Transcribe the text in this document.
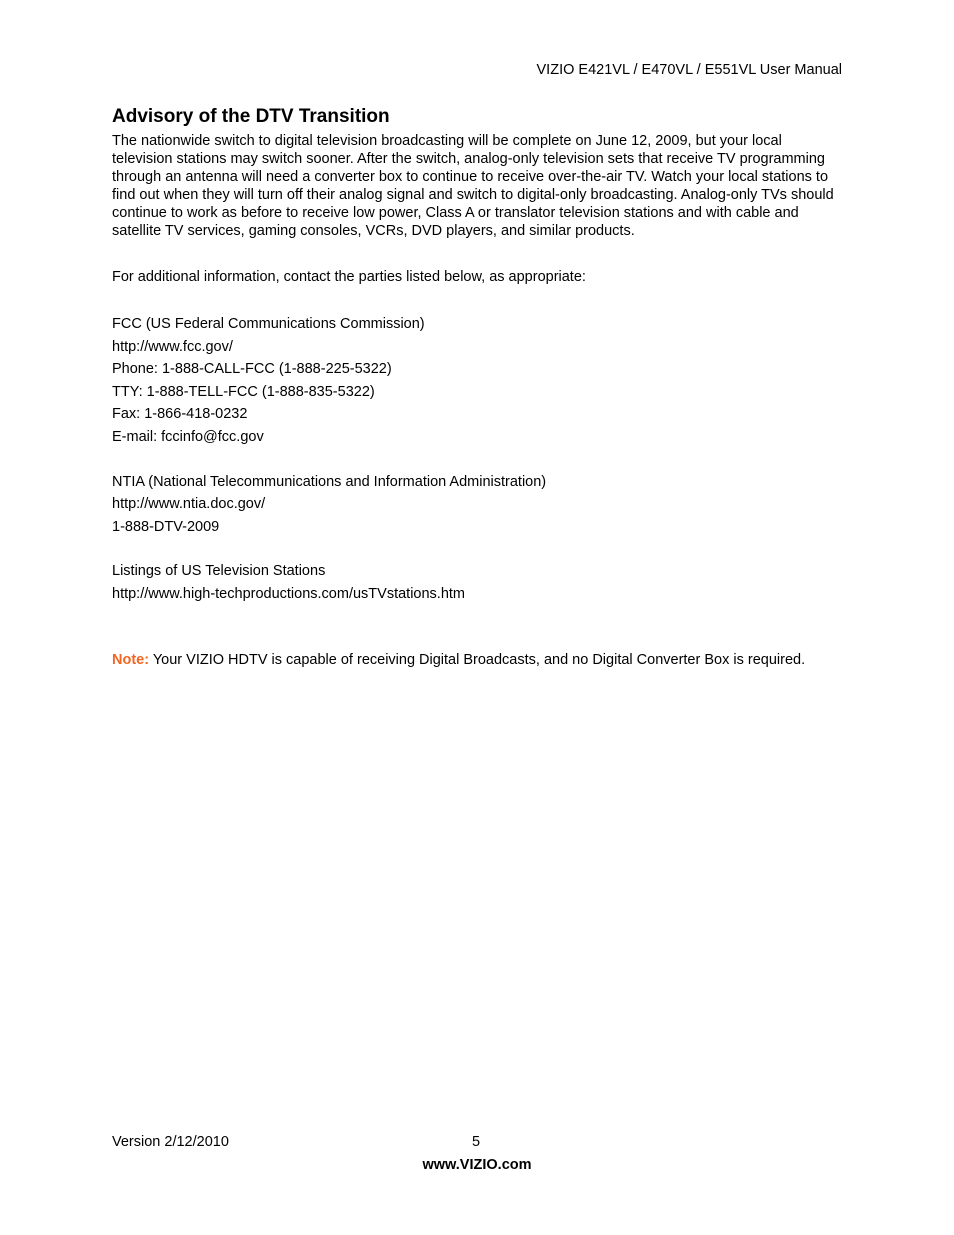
VIZIO E421VL / E470VL / E551VL User Manual
Advisory of the DTV Transition

The nationwide switch to digital television broadcasting will be complete on June 12, 2009, but your local television stations may switch sooner. After the switch, analog-only television sets that receive TV programming through an antenna will need a converter box to continue to receive over-the-air TV. Watch your local stations to find out when they will turn off their analog signal and switch to digital-only broadcasting. Analog-only TVs should continue to work as before to receive low power, Class A or translator television stations and with cable and satellite TV services, gaming consoles, VCRs, DVD players, and similar products.

For additional information, contact the parties listed below, as appropriate:

FCC (US Federal Communications Commission)

http://www.fcc.gov/

Phone: 1-888-CALL-FCC (1-888-225-5322)

TTY: 1-888-TELL-FCC (1-888-835-5322)

Fax: 1-866-418-0232

E-mail: fccinfo@fcc.gov

NTIA (National Telecommunications and Information Administration)

http://www.ntia.doc.gov/

1-888-DTV-2009

Listings of US Television Stations

http://www.high-techproductions.com/usTVstations.htm

Note: Your VIZIO HDTV is capable of receiving Digital Broadcasts, and no Digital Converter Box is required.

Version 2/12/2010	5
www.VIZIO.com
